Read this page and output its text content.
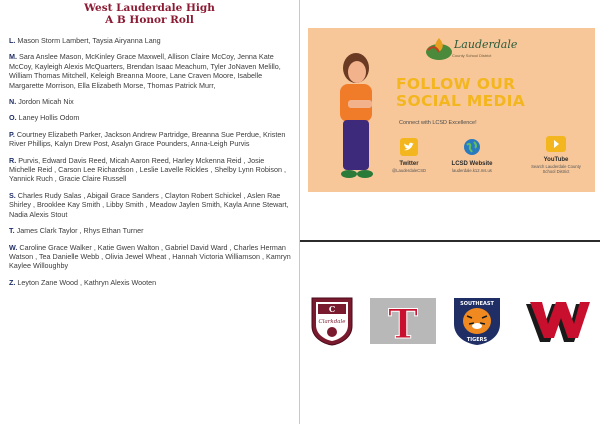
West Lauderdale High
A B Honor Roll
L. Mason Storm Lambert, Taysia Airyanna Lang
M. Sara Anslee Mason, McKinley Grace Maxwell, Allison Claire McCoy, Jenna Kate McCoy, Kayleigh Alexis McQuarters, Brendan Isaac Meachum, Tyler JoNaven Melillo, William Thomas Mitchell, Keleigh Breanna Moore, Lane Craven Moore, Isabelle Margarette Morrison, Ella Elizabeth Morse, Thomas Patrick Murr,
N. Jordon Micah Nix
O. Laney Hollis Odom
P. Courtney Elizabeth Parker, Jackson Andrew Partridge, Breanna Sue Perdue, Kristen River Phillips, Kalyn Drew Post, Asalyn Grace Pounders, Anna-Leigh Purvis
R. Purvis, Edward Davis Reed, Micah Aaron Reed, Harley Mckenna Reid , Josie Michelle Reid , Carson Lee Richardson , Leslie Lavelle Rickles , Shelby Lynn Robison , Yannick Ruch , Gracie Claire Russell
S. Charles Rudy Salas , Abigail Grace Sanders , Clayton Robert Schickel , Aslen Rae Shirley , Brooklee Kay Smith , Libby Smith , Meadow Jaylen Smith, Kayla Anne Stewart, Nadia Alexis Stout
T. James Clark Taylor , Rhys Ethan Turner
W. Caroline Grace Walker , Katie Gwen Walton , Gabriel David Ward , Charles Herman Watson , Tea Danielle Webb , Olivia Jewel Wheat , Hannah Victoria Williamson , Kamryn Kaylee Willoughby
Z. Leyton Zane Wood , Kathryn Alexis Wooten
Lauderdale
County School District
FOLLOW OUR
SOCIAL MEDIA
Connect with LCSD Excellence!
Twitter
@LauderdaleCSD
LCSD Website
lauderdale.k12.ms.us
YouTube
Search Lauderdale County School District
C
Clarkdale T	SOUTHEAST
TIGERS
W
